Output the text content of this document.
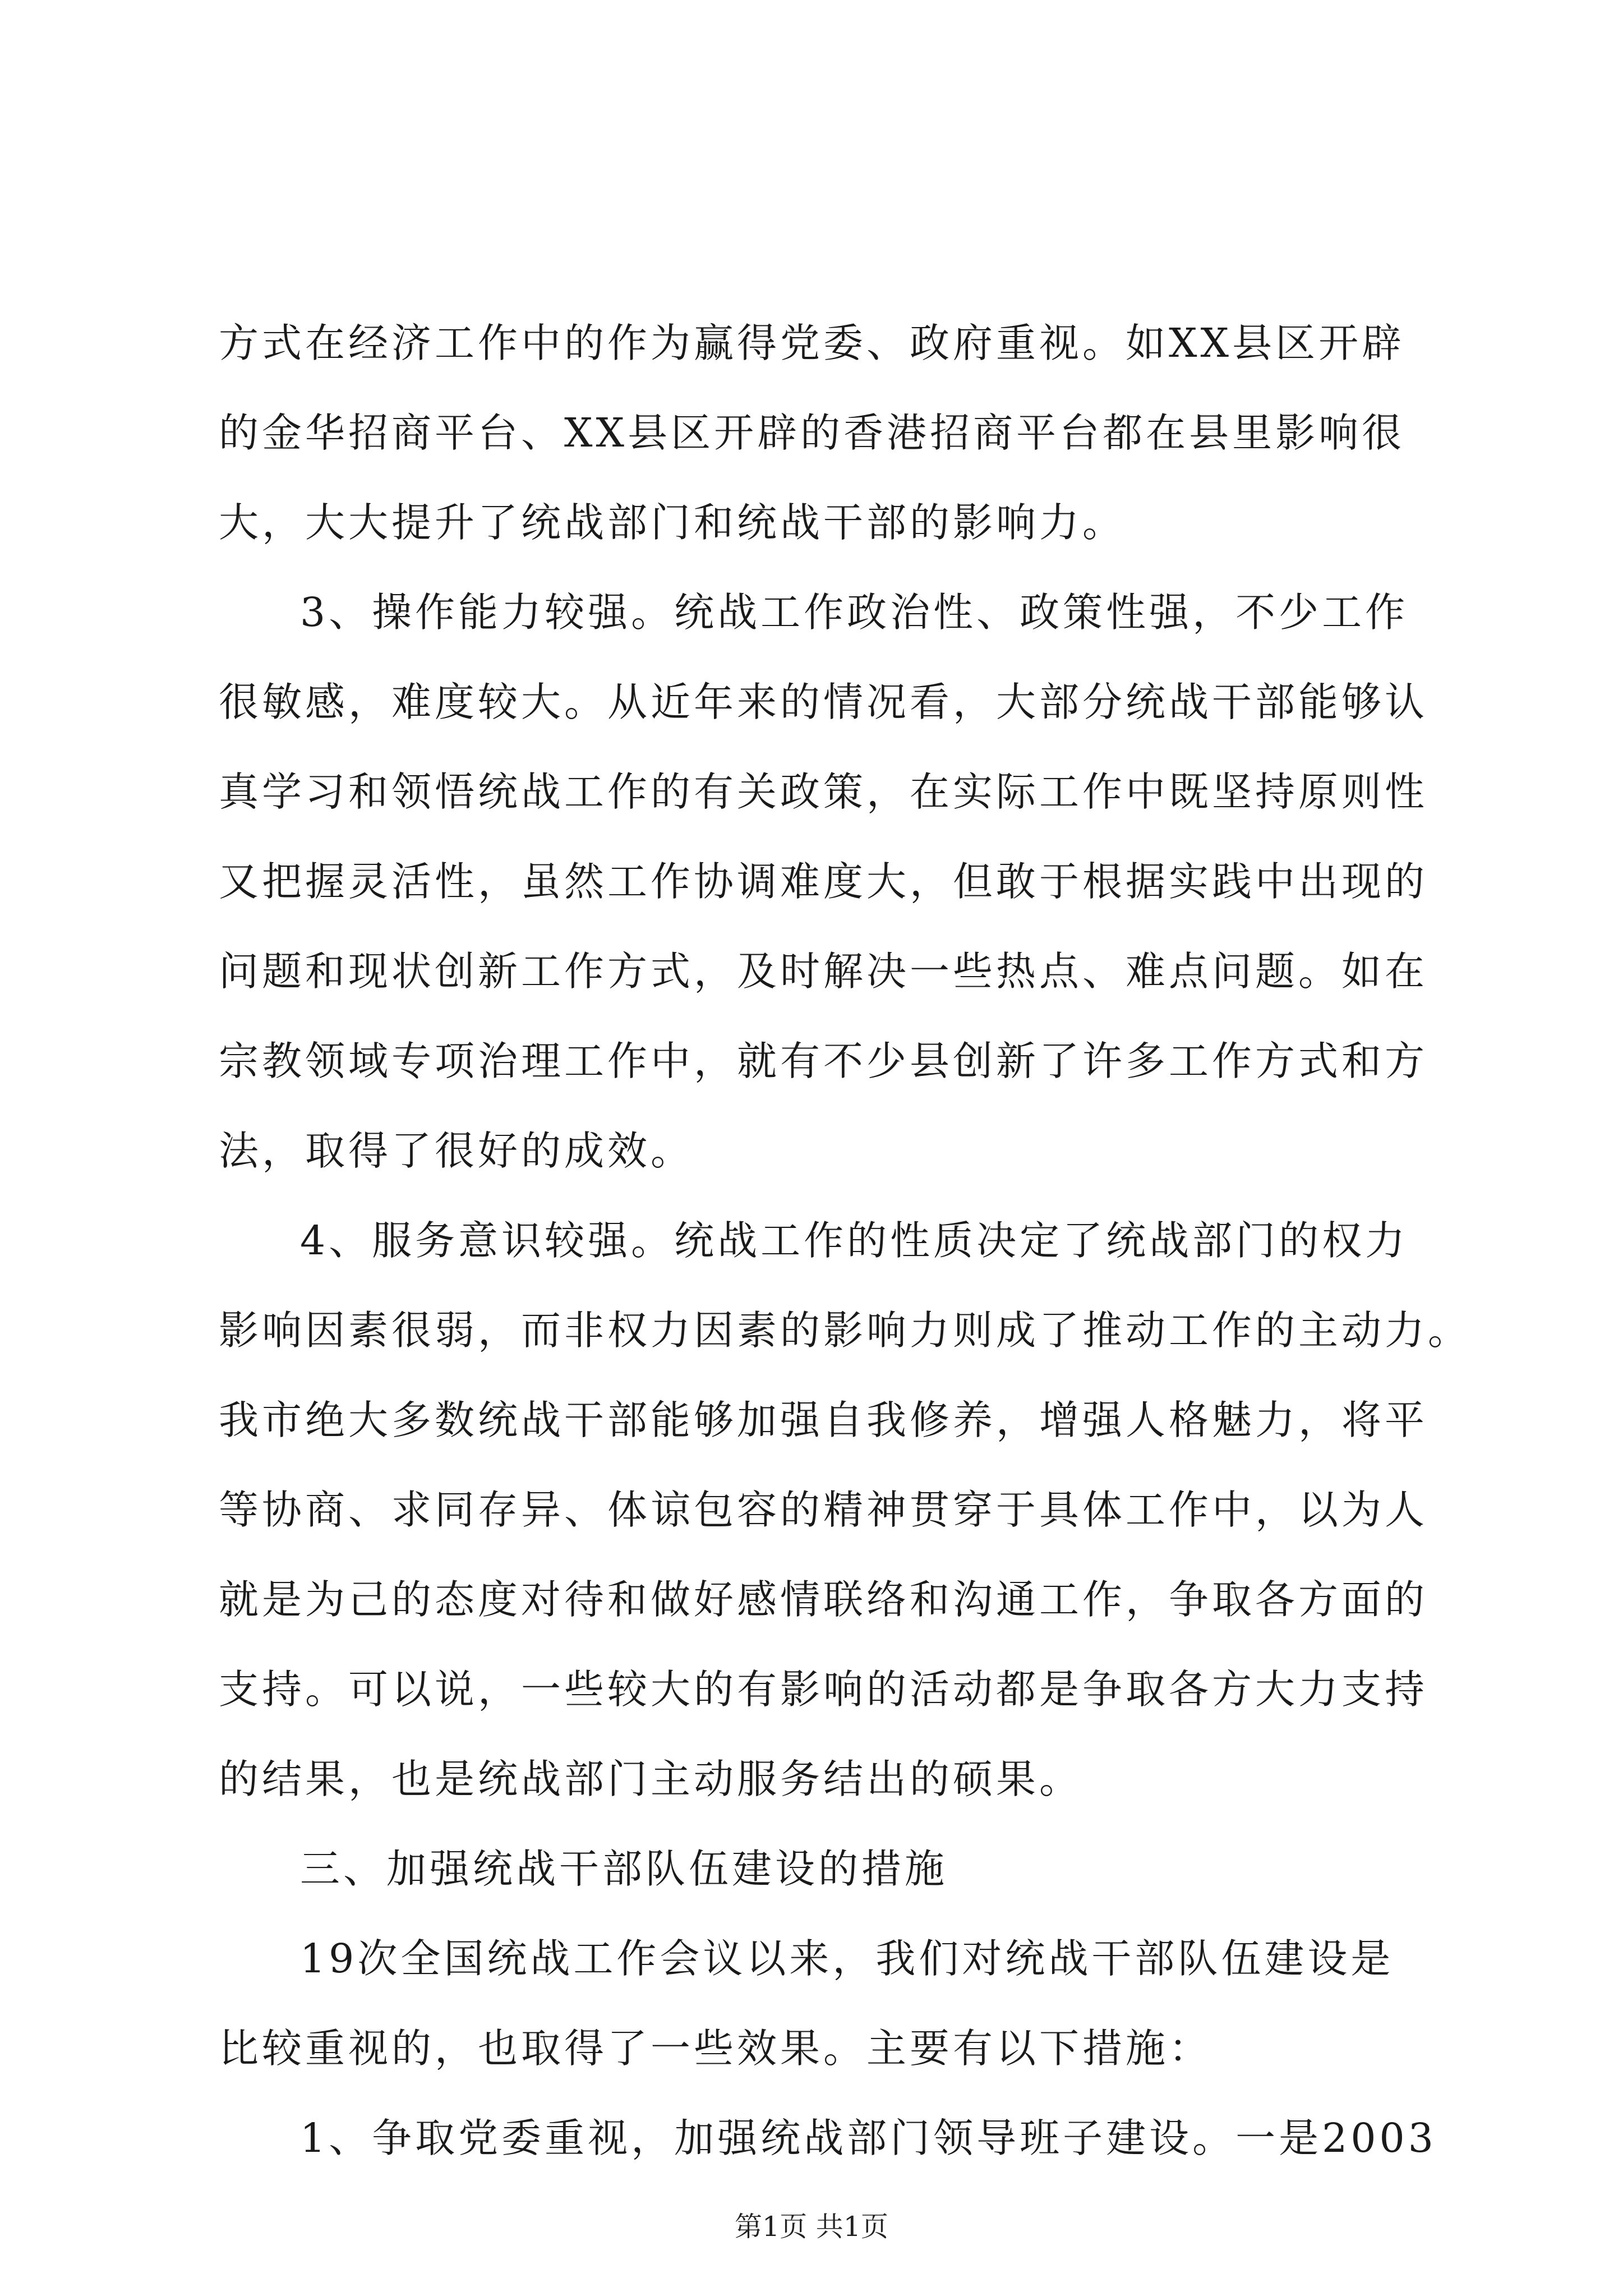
方式在经济工作中的作为赢得党委、政府重视。如XX县区开辟
的金华招商平台、XX县区开辟的香港招商平台都在县里影响很
大，大大提升了统战部门和统战干部的影响力。
3、操作能力较强。统战工作政治性、政策性强，不少工作
很敏感，难度较大。从近年来的情况看，大部分统战干部能够认
真学习和领悟统战工作的有关政策，在实际工作中既坚持原则性
又把握灵活性，虽然工作协调难度大，但敢于根据实践中出现的
问题和现状创新工作方式，及时解决一些热点、难点问题。如在
宗教领域专项治理工作中，就有不少县创新了许多工作方式和方
法，取得了很好的成效。
4、服务意识较强。统战工作的性质决定了统战部门的权力
影响因素很弱，而非权力因素的影响力则成了推动工作的主动力。
我市绝大多数统战干部能够加强自我修养，增强人格魅力，将平
等协商、求同存异、体谅包容的精神贯穿于具体工作中，以为人
就是为己的态度对待和做好感情联络和沟通工作，争取各方面的
支持。可以说，一些较大的有影响的活动都是争取各方大力支持
的结果，也是统战部门主动服务结出的硕果。
三、加强统战干部队伍建设的措施
19次全国统战工作会议以来，我们对统战干部队伍建设是
比较重视的，也取得了一些效果。主要有以下措施：
1、争取党委重视，加强统战部门领导班子建设。一是2003
第1页 共1页
